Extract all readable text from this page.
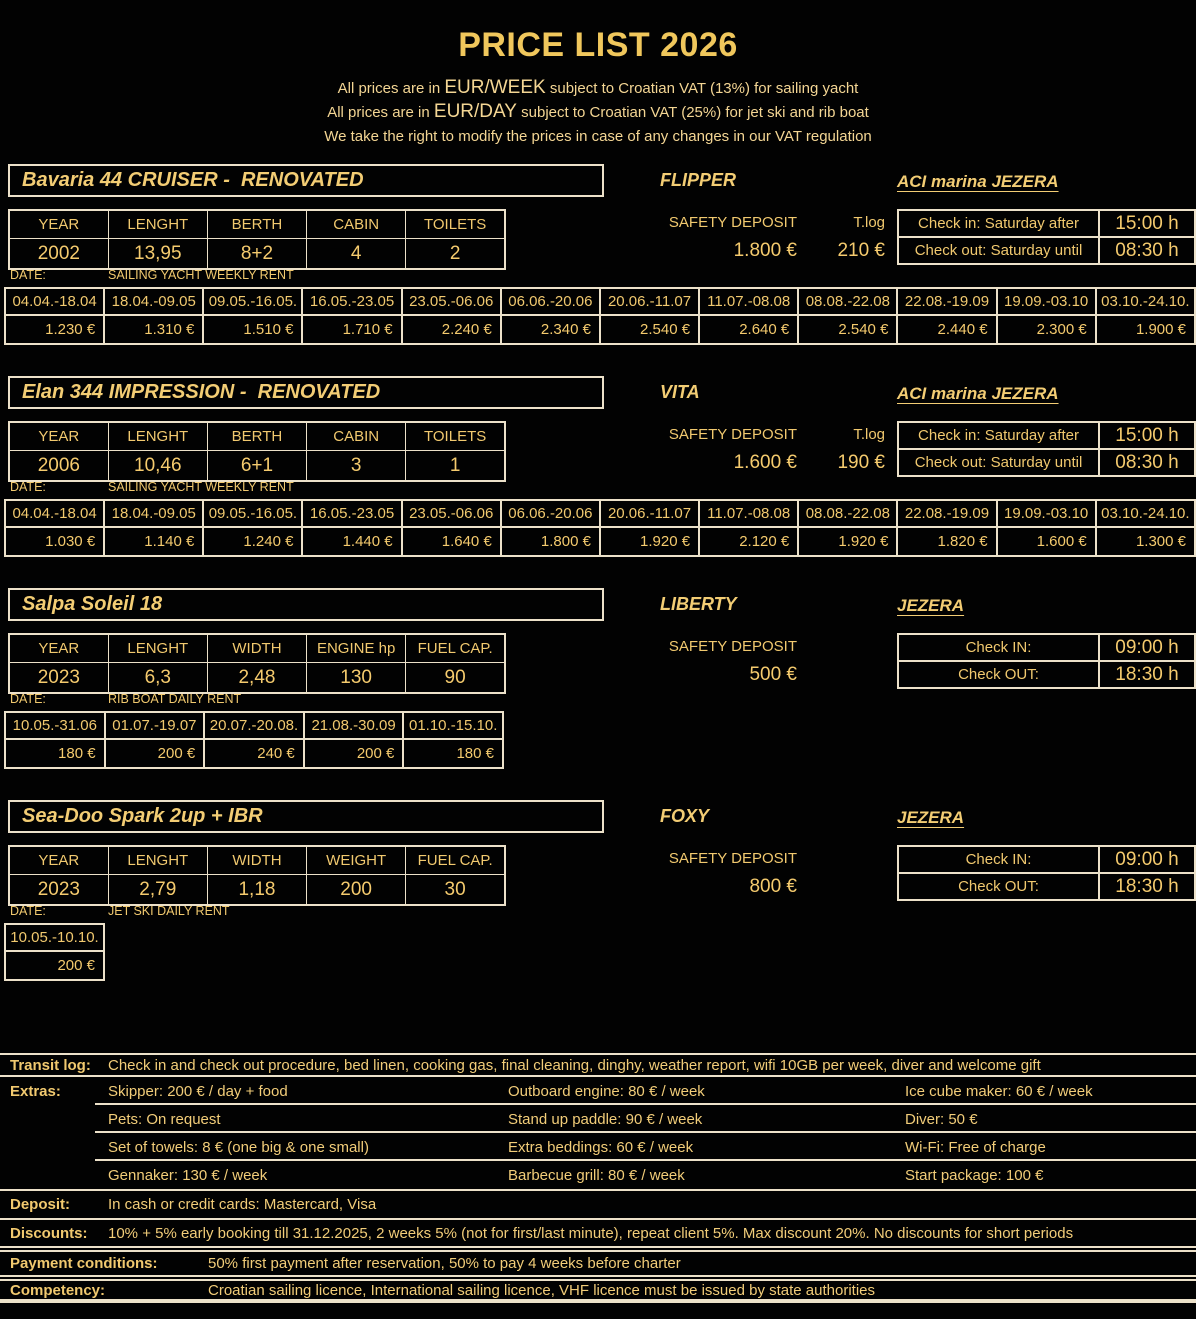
PRICE LIST 2026
All prices are in EUR/WEEK subject to Croatian VAT (13%) for sailing yacht
All prices are in EUR/DAY subject to Croatian VAT (25%) for jet ski and rib boat
We take the right to modify the prices in case of any changes in our VAT regulation
Bavaria 44 CRUISER -  RENOVATED	FLIPPER	ACI marina JEZERA
YEAR	LENGHT	BERTH	CABIN	TOILETS
2002	13,95	8+2	4	2
SAFETY DEPOSIT
1.800 €
T.log
210 €
Check in: Saturday after	15:00 h
Check out: Saturday until	08:30 h
DATE:	SAILING YACHT WEEKLY RENT
04.04.-18.04	18.04.-09.05	09.05.-16.05.	16.05.-23.05	23.05.-06.06	06.06.-20.06	20.06.-11.07	11.07.-08.08	08.08.-22.08	22.08.-19.09	19.09.-03.10	03.10.-24.10.
1.230 €	1.310 €	1.510 €	1.710 €	2.240 €	2.340 €	2.540 €	2.640 €	2.540 €	2.440 €	2.300 €	1.900 €
Elan 344 IMPRESSION -  RENOVATED	VITA	ACI marina JEZERA
YEAR	LENGHT	BERTH	CABIN	TOILETS
2006	10,46	6+1	3	1
SAFETY DEPOSIT
1.600 €
T.log
190 €
Check in: Saturday after	15:00 h
Check out: Saturday until	08:30 h
DATE:	SAILING YACHT WEEKLY RENT
04.04.-18.04	18.04.-09.05	09.05.-16.05.	16.05.-23.05	23.05.-06.06	06.06.-20.06	20.06.-11.07	11.07.-08.08	08.08.-22.08	22.08.-19.09	19.09.-03.10	03.10.-24.10.
1.030 €	1.140 €	1.240 €	1.440 €	1.640 €	1.800 €	1.920 €	2.120 €	1.920 €	1.820 €	1.600 €	1.300 €
Salpa Soleil 18	LIBERTY	JEZERA
YEAR	LENGHT	WIDTH	ENGINE hp	FUEL CAP.
2023	6,3	2,48	130	90
SAFETY DEPOSIT
500 €
Check IN:	09:00 h
Check OUT:	18:30 h
DATE:	RIB BOAT DAILY RENT
10.05.-31.06	01.07.-19.07	20.07.-20.08.	21.08.-30.09	01.10.-15.10.
180 €	200 €	240 €	200 €	180 €
Sea-Doo Spark 2up + IBR	FOXY	JEZERA
YEAR	LENGHT	WIDTH	WEIGHT	FUEL CAP.
2023	2,79	1,18	200	30
SAFETY DEPOSIT
800 €
Check IN:	09:00 h
Check OUT:	18:30 h
DATE:	JET SKI DAILY RENT
10.05.-10.10.
200 €
Transit log:	Check in and check out procedure, bed linen, cooking gas, final cleaning, dinghy, weather report, wifi 10GB per week, diver and welcome gift
Extras:	Skipper: 200 € / day + food	Outboard engine: 80 € / week	Ice cube maker: 60 € / week
Pets: On request	Stand up paddle: 90 € / week	Diver: 50 €
Set of towels: 8 € (one big & one small)	Extra beddings: 60 € / week	Wi-Fi: Free of charge
Gennaker: 130 € / week	Barbecue grill: 80 € / week	Start package: 100 €
Deposit:	In cash or credit cards: Mastercard, Visa
Discounts:	10% + 5% early booking till 31.12.2025, 2 weeks 5% (not for first/last minute), repeat client 5%. Max discount 20%. No discounts for short periods
Payment conditions:	50% first payment after reservation, 50% to pay 4 weeks before charter
Competency:	Croatian sailing licence, International sailing licence, VHF licence must be issued by state authorities
